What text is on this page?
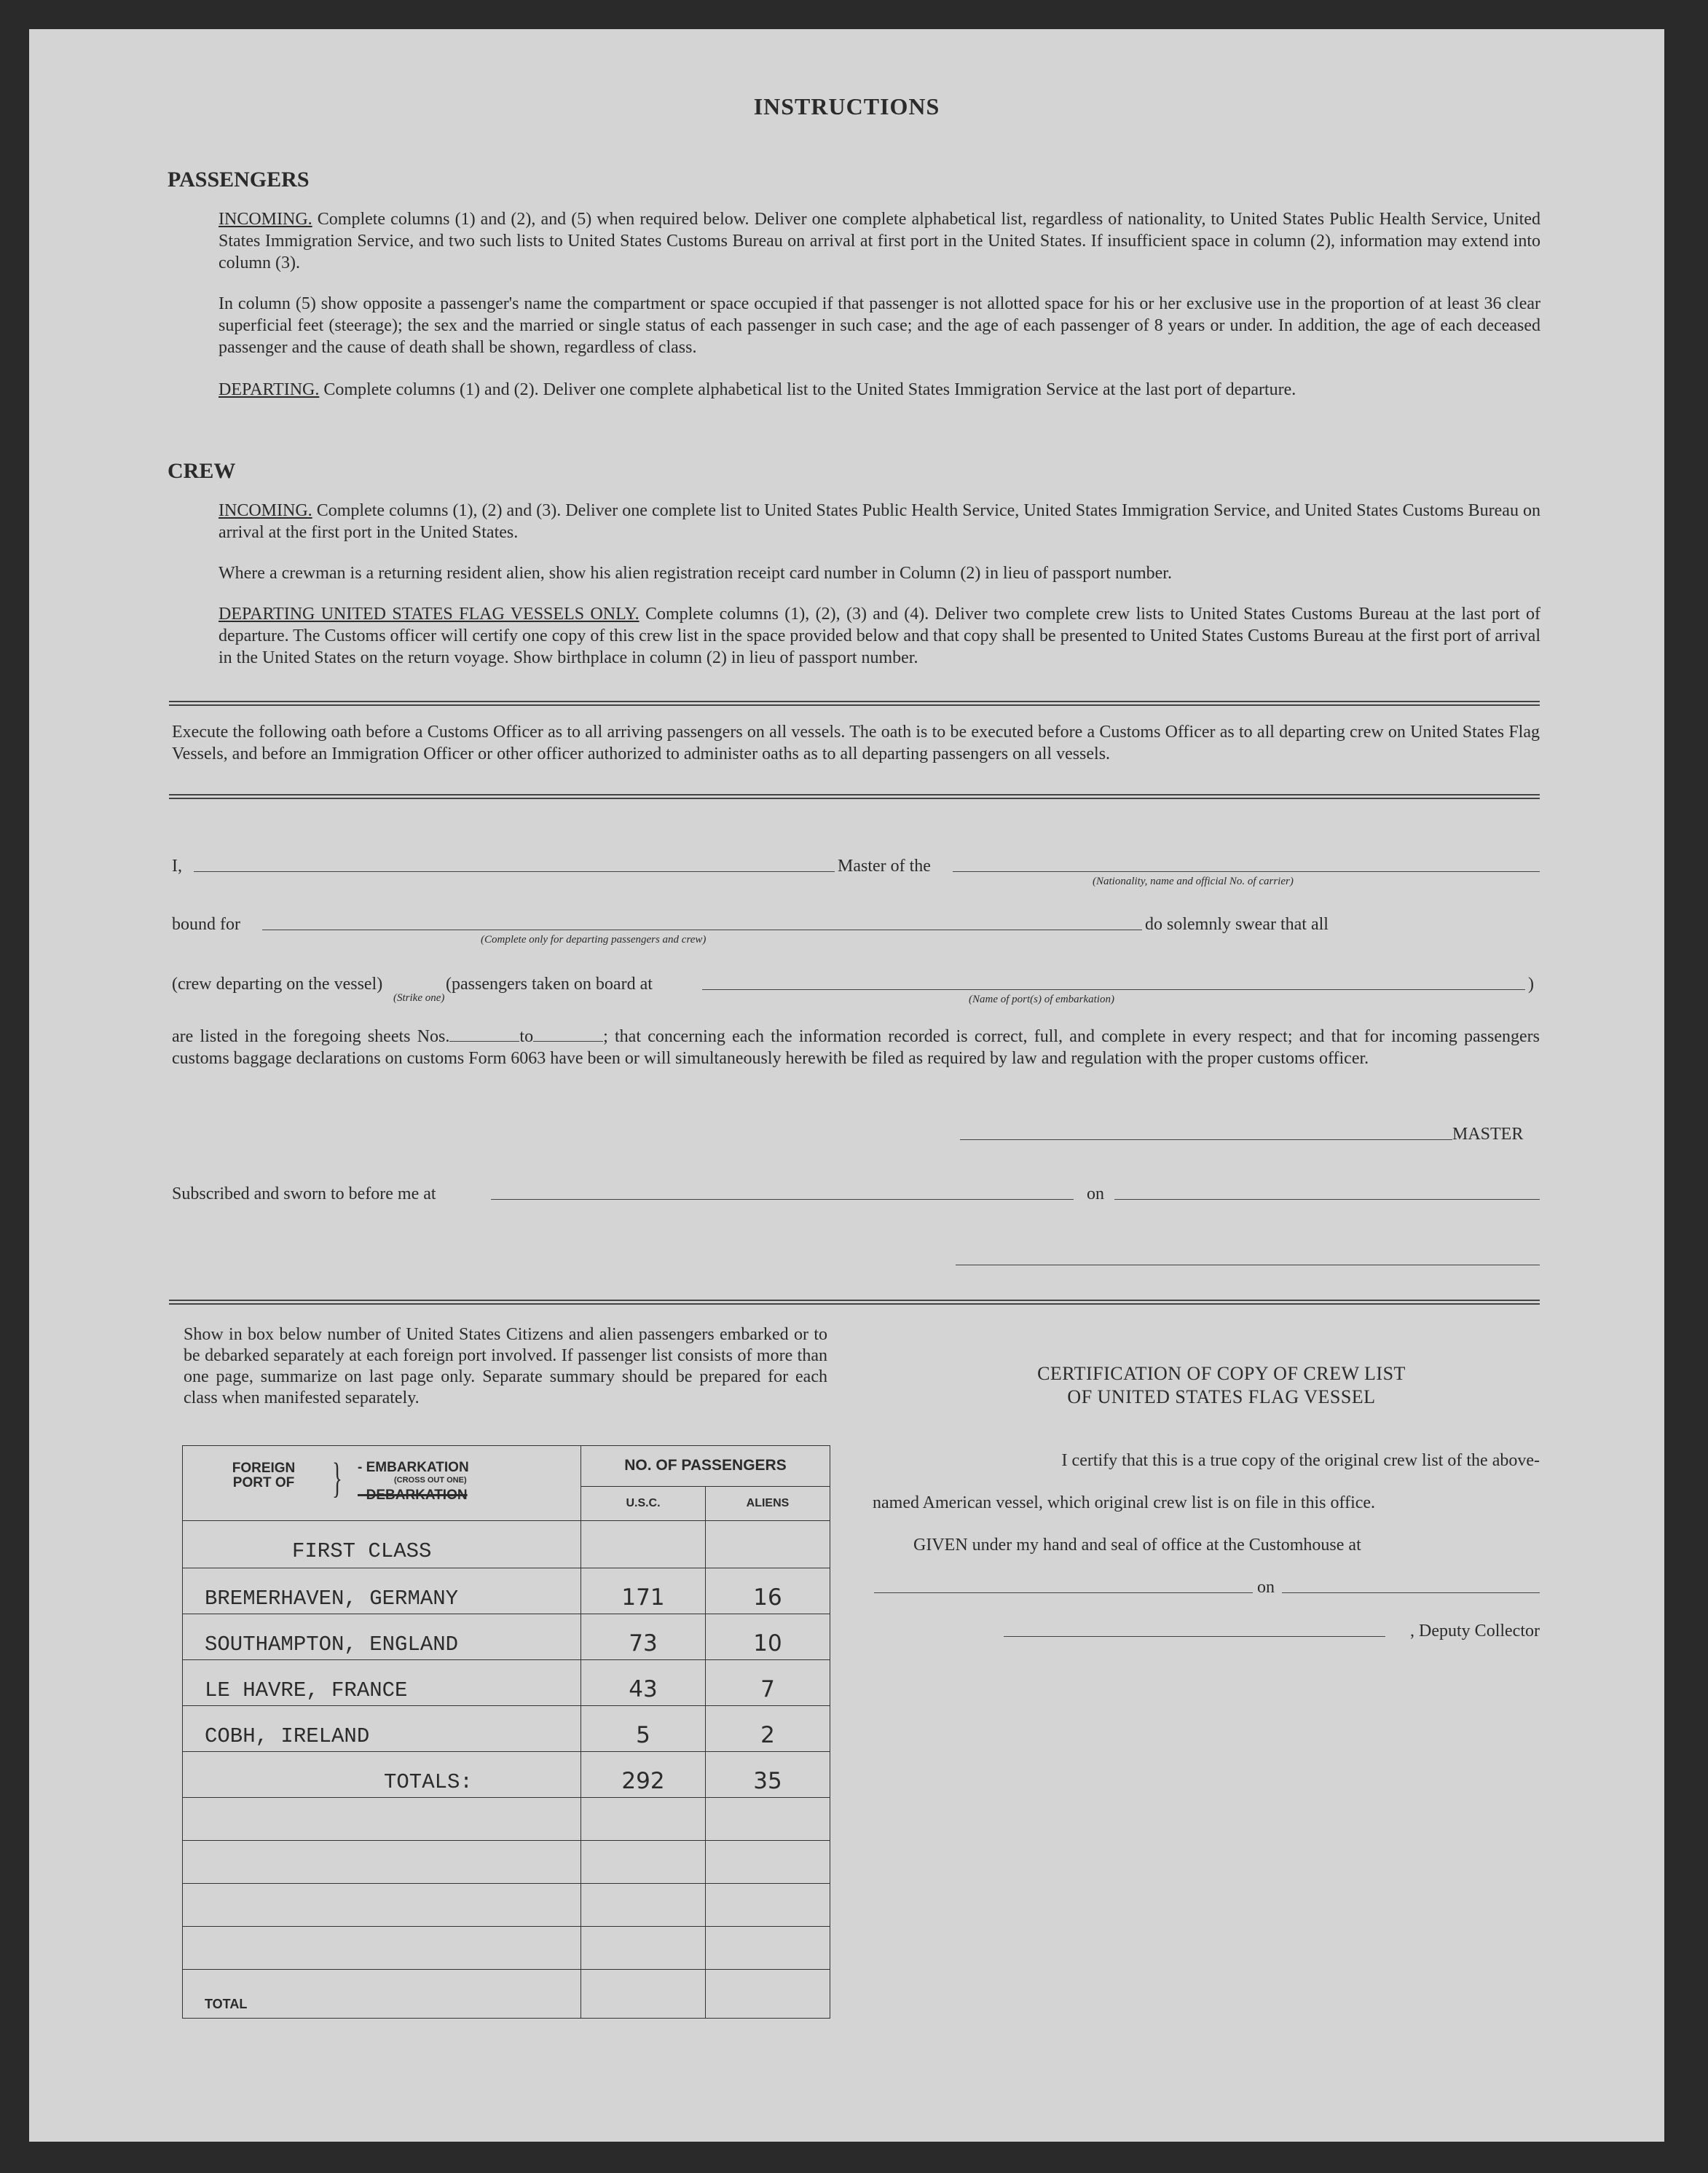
INSTRUCTIONS
PASSENGERS
INCOMING. Complete columns (1) and (2), and (5) when required below. Deliver one complete alphabetical list, regardless of nationality, to United States Public Health Service, United States Immigration Service, and two such lists to United States Customs Bureau on arrival at first port in the United States. If insufficient space in column (2), information may extend into column (3).
In column (5) show opposite a passenger's name the compartment or space occupied if that passenger is not allotted space for his or her exclusive use in the proportion of at least 36 clear superficial feet (steerage); the sex and the married or single status of each passenger in such case; and the age of each passenger of 8 years or under. In addition, the age of each deceased passenger and the cause of death shall be shown, regardless of class.
DEPARTING. Complete columns (1) and (2). Deliver one complete alphabetical list to the United States Immigration Service at the last port of departure.
CREW
INCOMING. Complete columns (1), (2) and (3). Deliver one complete list to United States Public Health Service, United States Immigration Service, and United States Customs Bureau on arrival at the first port in the United States.
Where a crewman is a returning resident alien, show his alien registration receipt card number in Column (2) in lieu of passport number.
DEPARTING UNITED STATES FLAG VESSELS ONLY. Complete columns (1), (2), (3) and (4). Deliver two complete crew lists to United States Customs Bureau at the last port of departure. The Customs officer will certify one copy of this crew list in the space provided below and that copy shall be presented to United States Customs Bureau at the first port of arrival in the United States on the return voyage. Show birthplace in column (2) in lieu of passport number.
Execute the following oath before a Customs Officer as to all arriving passengers on all vessels. The oath is to be executed before a Customs Officer as to all departing crew on United States Flag Vessels, and before an Immigration Officer or other officer authorized to administer oaths as to all departing passengers on all vessels.
I,	Master of the
(Nationality, name and official No. of carrier)
bound for
(Complete only for departing passengers and crew)
do solemnly swear that all
(crew departing on the vessel)
(Strike one)
(passengers taken on board at	)
(Name of port(s) of embarkation)
are listed in the foregoing sheets Nos.	to	; that concerning each the information recorded is correct, full, and complete in every respect; and that for incoming passengers customs baggage declarations on customs Form 6063 have been or will simultaneously herewith be filed as required by law and regulation with the proper customs officer.
MASTER
Subscribed and sworn to before me at	on
Show in box below number of United States Citizens and alien passengers embarked or to be debarked separately at each foreign port involved. If passenger list consists of more than one page, summarize on last page only. Separate summary should be prepared for each class when manifested separately.
FOREIGN PORT OF } - EMBARKATION
(CROSS OUT ONE)
- DEBARKATION	NO. OF PASSENGERS	
	U.S.C.	ALIENS
FIRST CLASS		
BREMERHAVEN, GERMANY	171	16
SOUTHAMPTON, ENGLAND	73	10
LE HAVRE, FRANCE	43	7
COBH, IRELAND	5	2
TOTALS:	292	35

TOTAL		
CERTIFICATION OF COPY OF CREW LIST
OF UNITED STATES FLAG VESSEL
I certify that this is a true copy of the original crew list of the above-
named American vessel, which original crew list is on file in this office.
GIVEN under my hand and seal of office at the Customhouse at
on
, Deputy Collector
